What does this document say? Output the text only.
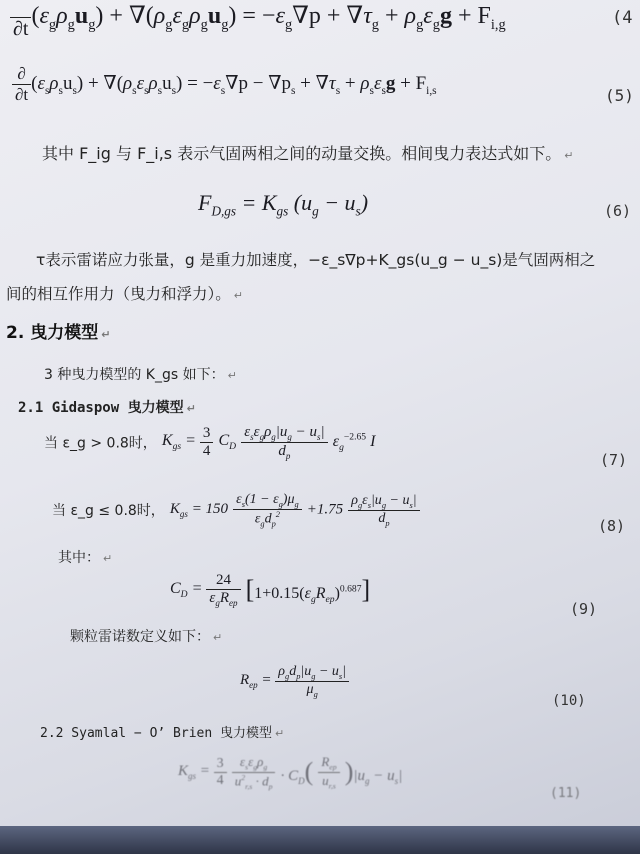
∂t $(\varepsilon_g\rho_gu_g) + \nabla(\rho_g\varepsilon_g\rho_gu_g) = -\varepsilon_g\nabla p + \nabla\tau_g + \rho_g\varepsilon_gg + F_{i,g}$	(4
$\frac{\partial}{\partial t} (\varepsilon_s\rho_su_s) + \nabla(\rho_s\varepsilon_s\rho_su_s) = -\varepsilon_s\nabla p - \nabla p_s + \nabla\tau_s + \rho_s\varepsilon_sg + F_{i,s}$	(5)
其中 F_ig 与 F_i,s 表示气固两相之间的动量交换。相间曳力表达式如下。 ↵
$F_{D,gs} = K_{gs}$ $(u_g - u_s)$	(6)
τ表示雷诺应力张量，g 是重力加速度，−ε_s∇p+K_gs(u_g − u_s)是气固两相之
间的相互作用力（曳力和浮力）。 ↵
2. 曳力模型 ↵
3 种曳力模型的 K_gs 如下： ↵
2.1 Gidaspow 曳力模型 ↵
当 ε_g > 0.8时， $K_{gs} = \frac{3}{4} C_D \frac{\varepsilon_s\varepsilon_g\rho_g|u_g - u_s|}{d_p} \varepsilon_g^{-2.65}$ I
(7)
当 ε_g ≤ 0.8时， $K_{gs} = 150 \frac{\varepsilon_s(1 - \varepsilon_g)\mu_g}{\varepsilon_gd_p^2} +1.75 \frac{\rho_g\varepsilon_s|u_g - u_s|}{d_p}$	(8)
其中： ↵
$C_D = \frac{24}{\varepsilon_gR_{ep}} [1+0.15(\varepsilon_gR_{ep})^{0.687}]$
(9)
颗粒雷诺数定义如下： ↵
$R_{ep} = \frac{\rho_gd_p|u_g - u_s|}{\mu_g}$
(10)
2.2 Syamlal − O’ Brien 曳力模型 ↵
$K_{gs} = \frac{3}{4}$
$\frac{\varepsilon_s\varepsilon_g\rho_g}{u^2_{r,s} \cdot d_p} \cdot C_D( \frac{R_{ep}}{u_{r,s}} )|u_g - u_s|$
(11)
